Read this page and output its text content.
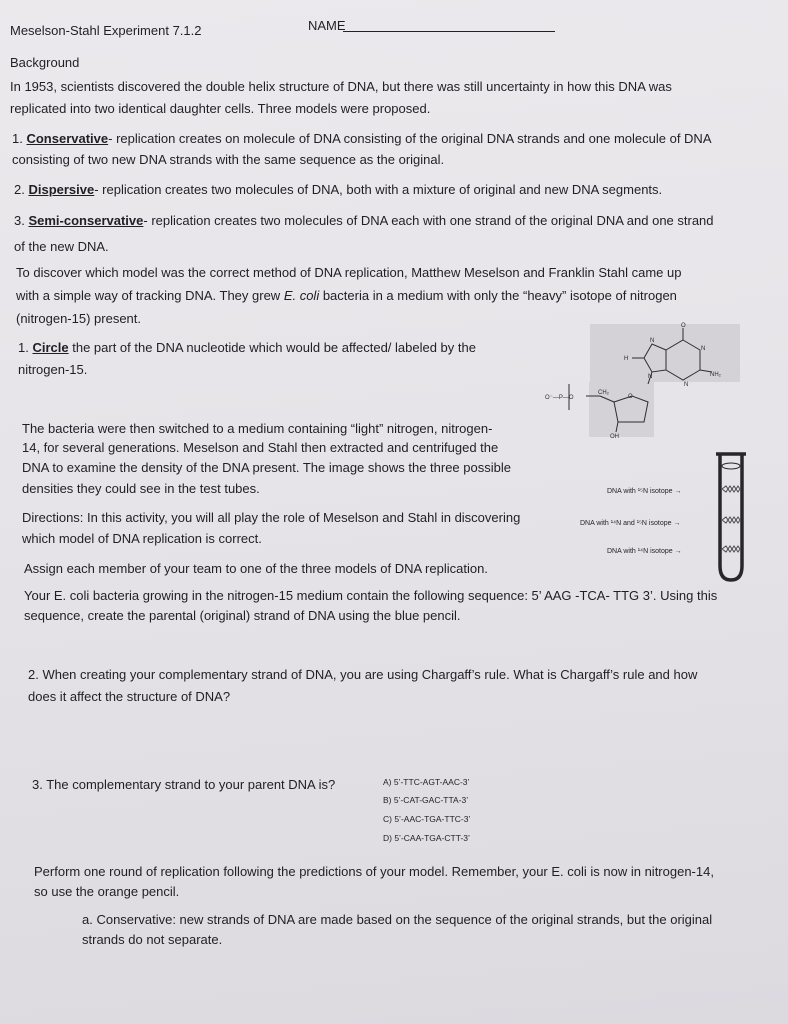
Meselson-Stahl Experiment 7.1.2	NAME
Background
In 1953, scientists discovered the double helix structure of DNA, but there was still uncertainty in how this DNA was
replicated into two identical daughter cells. Three models were proposed.
1. Conservative- replication creates on molecule of DNA consisting of the original DNA strands and one molecule of DNA
consisting of two new DNA strands with the same sequence as the original.
2. Dispersive- replication creates two molecules of DNA, both with a mixture of original and new DNA segments.
3. Semi-conservative- replication creates two molecules of DNA each with one strand of the original DNA and one strand
of the new DNA.
To discover which model was the correct method of DNA replication, Matthew Meselson and Franklin Stahl came up
with a simple way of tracking DNA. They grew E. coli bacteria in a medium with only the “heavy” isotope of nitrogen
(nitrogen-15) present.
1. Circle the part of the DNA nucleotide which would be affected/ labeled by the
nitrogen-15.
O
N
N
N
N
H
NH₂
CH₂
O
OH
O⁻—P—O
The bacteria were then switched to a medium containing “light” nitrogen, nitrogen-
14, for several generations. Meselson and Stahl then extracted and centrifuged the
DNA to examine the density of the DNA present. The image shows the three possible
densities they could see in the test tubes.	DNA with ¹⁵N isotope →
DNA with ¹⁴N and ¹⁵N isotope →
DNA with ¹⁴N isotope →
Directions: In this activity, you will all play the role of Meselson and Stahl in discovering
which model of DNA replication is correct.
Assign each member of your team to one of the three models of DNA replication.
Your E. coli bacteria growing in the nitrogen-15 medium contain the following sequence: 5’ AAG -TCA- TTG 3’. Using this
sequence, create the parental (original) strand of DNA using the blue pencil.
2. When creating your complementary strand of DNA, you are using Chargaff’s rule. What is Chargaff’s rule and how
does it affect the structure of DNA?
3. The complementary strand to your parent DNA is?	A) 5’-TTC-AGT-AAC-3’
B) 5’-CAT-GAC-TTA-3’
C) 5’-AAC-TGA-TTC-3’
D) 5’-CAA-TGA-CTT-3’
Perform one round of replication following the predictions of your model. Remember, your E. coli is now in nitrogen-14,
so use the orange pencil.
a. Conservative: new strands of DNA are made based on the sequence of the original strands, but the original
strands do not separate.
